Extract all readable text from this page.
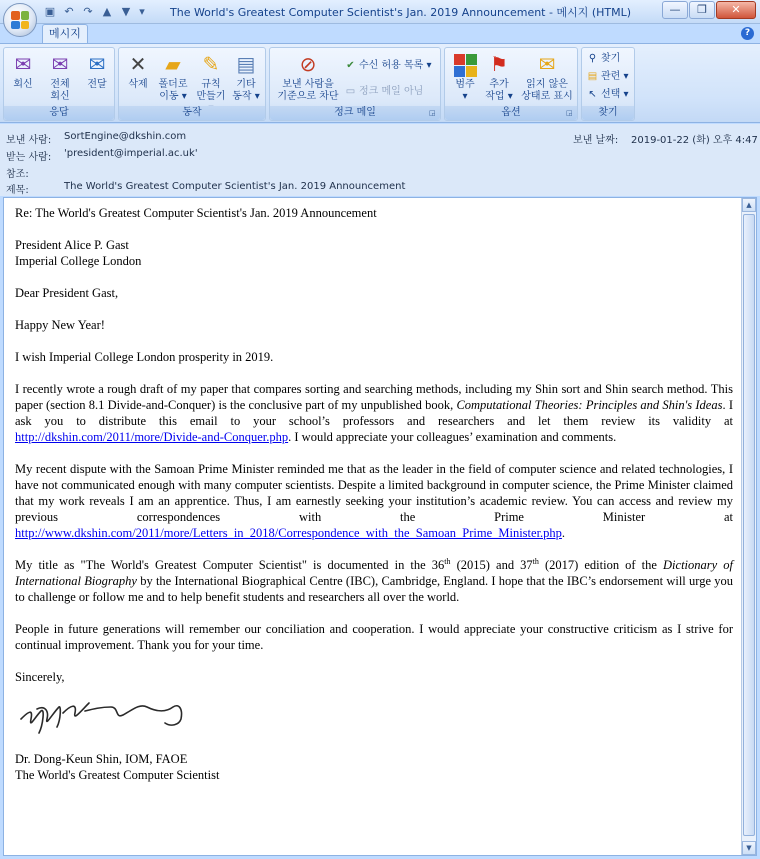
▣ ↶ ↷ ▲ ▼ ▾ The World's Greatest Computer Scientist's Jan. 2019 Announcement - 메시지 (HTML)	—	❐	✕
메시지	?
✉
회신
✉
전체
회신
✉
전달
응답
✕
삭제
▰
폴더로
이동 ▾
✎
규칙
만들기
▤
기타
동작 ▾
동작
⊘
보낸 사람을
기준으로 차단
✔ 수신 허용 목록 ▾
▭ 정크 메일 아님
정크 메일	◲
범주
▾
⚑
추가
작업 ▾
✉
읽지 않은
상태로 표시
옵션	◲
⚲ 찾기
▤ 관련 ▾
↖ 선택 ▾
찾기
보낸 사람:	SortEngine@dkshin.com	보낸 날짜: 2019-01-22 (화) 오후 4:47
받는 사람:	'president@imperial.ac.uk'
참조:
제목:	The World's Greatest Computer Scientist's Jan. 2019 Announcement

Re: The World's Greatest Computer Scientist's Jan. 2019 Announcement

President Alice P. Gast
Imperial College London

Dear President Gast,

Happy New Year!

I wish Imperial College London prosperity in 2019.

I recently wrote a rough draft of my paper that compares sorting and searching methods, including my Shin sort and Shin search method. This paper (section 8.1 Divide-and-Conquer) is the conclusive part of my unpublished book, Computational Theories: Principles and Shin's Ideas. I ask you to distribute this email to your school’s professors and researchers and let them review its validity at http://dkshin.com/2011/more/Divide-and-Conquer.php. I would appreciate your colleagues’ examination and comments.

My recent dispute with the Samoan Prime Minister reminded me that as the leader in the field of computer science and related technologies, I have not communicated enough with many computer scientists. Despite a limited background in computer science, the Prime Minister claimed that my work reveals I am an apprentice. Thus, I am earnestly seeking your institution’s academic review. You can access and review my previous correspondences with the Prime Minister at http://www.dkshin.com/2011/more/Letters_in_2018/Correspondence_with_the_Samoan_Prime_Minister.php.

My title as "The World's Greatest Computer Scientist" is documented in the 36th (2015) and 37th (2017) edition of the Dictionary of International Biography by the International Biographical Centre (IBC), Cambridge, England. I hope that the IBC’s endorsement will urge you to challenge or follow me and to help benefit students and researchers all over the world.

People in future generations will remember our conciliation and cooperation. I would appreciate your constructive criticism as I strive for continual improvement. Thank you for your time.

Sincerely,

Dr. Dong-Keun Shin, IOM, FAOE
The World's Greatest Computer Scientist

▲
▼
